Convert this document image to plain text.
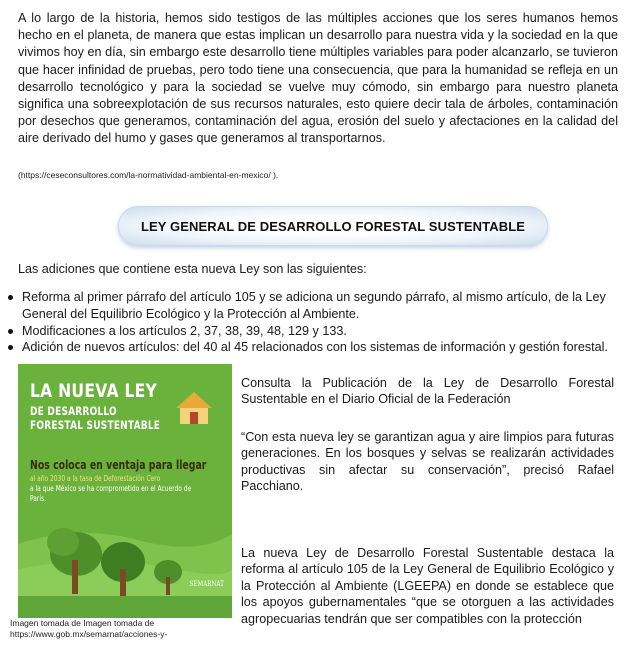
A lo largo de la historia, hemos sido testigos de las múltiples acciones que los seres humanos hemos hecho en el planeta, de manera que estas implican un desarrollo para nuestra vida y la sociedad en la que vivimos hoy en día, sin embargo este desarrollo tiene múltiples variables para poder alcanzarlo, se tuvieron que hacer infinidad de pruebas, pero todo tiene una consecuencia, que para la humanidad se refleja en un desarrollo tecnológico y para la sociedad se vuelve muy cómodo, sin embargo para nuestro planeta significa una sobreexplotación de sus recursos naturales, esto quiere decir tala de árboles, contaminación por desechos que generamos, contaminación del agua, erosión del suelo y afectaciones en la calidad del aire derivado del humo y gases que generamos al transportarnos.

(https://ceseconsultores.com/la-normatividad-ambiental-en-mexico/ ).
LEY GENERAL DE DESARROLLO FORESTAL SUSTENTABLE

Las adiciones que contiene esta nueva Ley son las siguientes:

Reforma al primer párrafo del artículo 105 y se adiciona un segundo párrafo, al mismo artículo, de la Ley General del Equilibrio Ecológico y la Protección al Ambiente.
Modificaciones a los artículos 2, 37, 38, 39, 48, 129 y 133.
Adición de nuevos artículos: del 40 al 45 relacionados con los sistemas de información y gestión forestal.
LA NUEVA LEY
DE DESARROLLO
FORESTAL SUSTENTABLE
Nos coloca en ventaja para llegar
al año 2030 a la tasa de Deforestación Cero
a la que México se ha comprometido en el Acuerdo de París.
SEMARNAT
Imagen tomada de Imagen tomada de
https://www.gob.mx/semarnat/acciones-y-

Consulta la Publicación de la Ley de Desarrollo Forestal Sustentable en el Diario Oficial de la Federación

“Con esta nueva ley se garantizan agua y aire limpios para futuras generaciones. En los bosques y selvas se realizarán actividades productivas sin afectar su conservación”, precisó Rafael Pacchiano.

La nueva Ley de Desarrollo Forestal Sustentable destaca la reforma al artículo 105 de la Ley General de Equilibrio Ecológico y la Protección al Ambiente (LGEEPA) en donde se establece que los apoyos gubernamentales “que se otorguen a las actividades agropecuarias tendrán que ser compatibles con la protección
